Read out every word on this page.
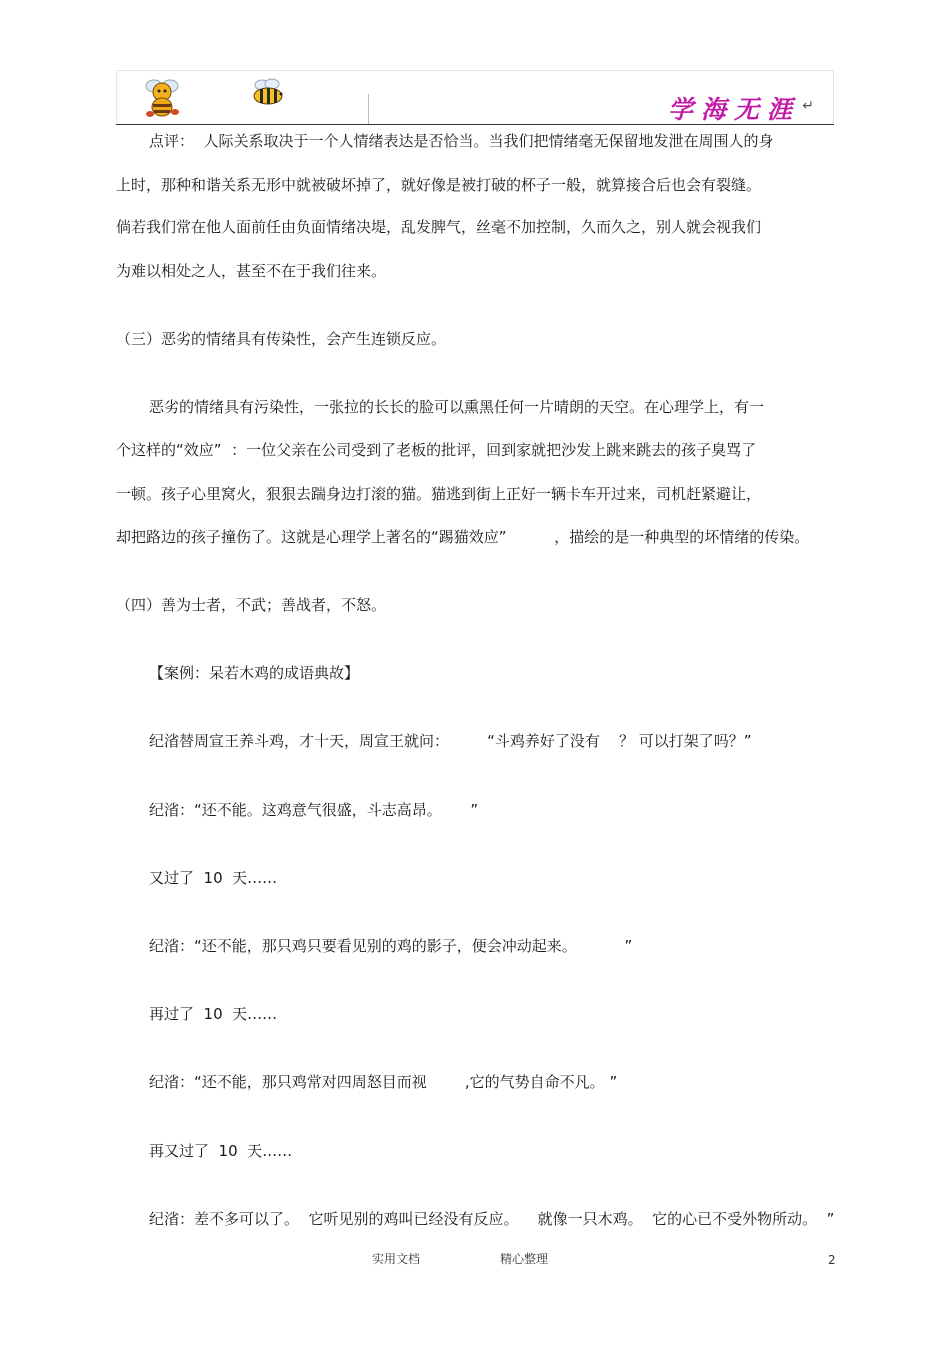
学海无涯 ↵
点评：  人际关系取决于一个人情绪表达是否恰当。当我们把情绪毫无保留地发泄在周围人的身
上时，那种和谐关系无形中就被破坏掉了，就好像是被打破的杯子一般，就算接合后也会有裂缝。
倘若我们常在他人面前任由负面情绪决堤，乱发脾气，丝毫不加控制，久而久之，别人就会视我们
为难以相处之人，甚至不在于我们往来。
（三）恶劣的情绪具有传染性，会产生连锁反应。
恶劣的情绪具有污染性，一张拉的长长的脸可以熏黑任何一片晴朗的天空。在心理学上，有一
个这样的“效应”  ：一位父亲在公司受到了老板的批评，回到家就把沙发上跳来跳去的孩子臭骂了
一顿。孩子心里窝火，狠狠去踹身边打滚的猫。猫逃到街上正好一辆卡车开过来，司机赶紧避让，
却把路边的孩子撞伤了。这就是心理学上著名的“踢猫效应”          ，描绘的是一种典型的坏情绪的传染。
（四）善为士者，不武；善战者，不怒。
【案例：呆若木鸡的成语典故】
纪渻替周宣王养斗鸡，才十天，周宣王就问：        “斗鸡养好了没有    ？ 可以打架了吗？”
纪渻：“还不能。这鸡意气很盛，斗志高昂。      ”
又过了  10  天……
纪渻：“还不能，那只鸡只要看见别的鸡的影子，便会冲动起来。          ”
再过了  10  天……
纪渻：“还不能，那只鸡常对四周怒目而视        ,它的气势自命不凡。 ”
再又过了  10  天……
纪渻：差不多可以了。  它听见别的鸡叫已经没有反应。    就像一只木鸡。  它的心已不受外物所动。  ”
实用文档	精心整理	2
